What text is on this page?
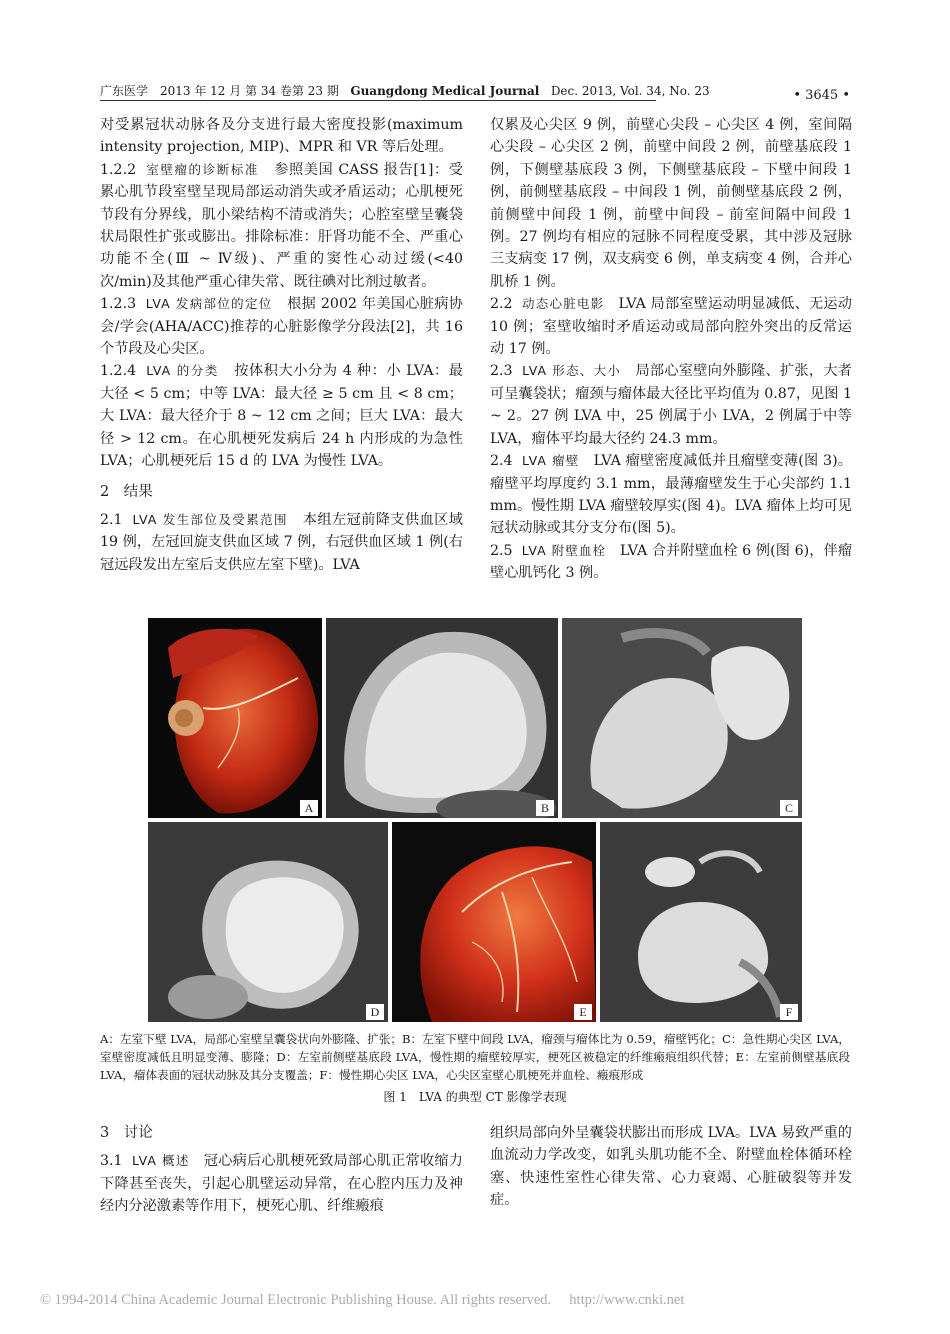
广东医学　2013 年 12 月 第 34 卷第 23 期 Guangdong Medical Journal Dec. 2013, Vol. 34, No. 23	• 3645 •

对受累冠状动脉各及分支进行最大密度投影(maximum intensity projection, MIP)、MPR 和 VR 等后处理。

1.2.2 室壁瘤的诊断标准 参照美国 CASS 报告[1]：受累心肌节段室壁呈现局部运动消失或矛盾运动；心肌梗死节段有分界线，肌小梁结构不清或消失；心腔室壁呈囊袋状局限性扩张或膨出。排除标准：肝肾功能不全、严重心功能不全(Ⅲ ~ Ⅳ级)、严重的窦性心动过缓(<40 次/min)及其他严重心律失常、既往碘对比剂过敏者。

1.2.3 LVA 发病部位的定位 根据 2002 年美国心脏病协会/学会(AHA/ACC)推荐的心脏影像学分段法[2]，共 16 个节段及心尖区。

1.2.4 LVA 的分类 按体积大小分为 4 种：小 LVA：最大径 < 5 cm；中等 LVA：最大径 ≥ 5 cm 且 < 8 cm；大 LVA：最大径介于 8 ~ 12 cm 之间；巨大 LVA：最大径 > 12 cm。在心肌梗死发病后 24 h 内形成的为急性 LVA；心肌梗死后 15 d 的 LVA 为慢性 LVA。

2　结果

2.1 LVA 发生部位及受累范围 本组左冠前降支供血区域 19 例，左冠回旋支供血区域 7 例，右冠供血区域 1 例(右冠远段发出左室后支供应左室下壁)。LVA

仅累及心尖区 9 例，前壁心尖段 – 心尖区 4 例，室间隔心尖段 – 心尖区 2 例，前壁中间段 2 例，前壁基底段 1 例，下侧壁基底段 3 例，下侧壁基底段 – 下壁中间段 1 例，前侧壁基底段 – 中间段 1 例，前侧壁基底段 2 例，前侧壁中间段 1 例，前壁中间段 – 前室间隔中间段 1 例。27 例均有相应的冠脉不同程度受累，其中涉及冠脉三支病变 17 例，双支病变 6 例，单支病变 4 例，合并心肌桥 1 例。

2.2 动态心脏电影 LVA 局部室壁运动明显减低、无运动 10 例；室壁收缩时矛盾运动或局部向腔外突出的反常运动 17 例。

2.3 LVA 形态、大小 局部心室壁向外膨隆、扩张，大者可呈囊袋状；瘤颈与瘤体最大径比平均值为 0.87，见图 1 ~ 2。27 例 LVA 中，25 例属于小 LVA，2 例属于中等 LVA，瘤体平均最大径约 24.3 mm。

2.4 LVA 瘤壁 LVA 瘤壁密度减低并且瘤壁变薄(图 3)。瘤壁平均厚度约 3.1 mm，最薄瘤壁发生于心尖部约 1.1 mm。慢性期 LVA 瘤壁较厚实(图 4)。LVA 瘤体上均可见冠状动脉或其分支分布(图 5)。

2.5 LVA 附壁血栓 LVA 合并附壁血栓 6 例(图 6)，伴瘤壁心肌钙化 3 例。

A	B	C
D	E	F
A：左室下壁 LVA，局部心室壁呈囊袋状向外膨隆、扩张；B：左室下壁中间段 LVA，瘤颈与瘤体比为 0.59，瘤壁钙化；C：急性期心尖区 LVA，室壁密度减低且明显变薄、膨隆；D：左室前侧壁基底段 LVA，慢性期的瘤壁较厚实，梗死区被稳定的纤维瘢痕组织代替；E：左室前侧壁基底段 LVA，瘤体表面的冠状动脉及其分支覆盖；F：慢性期心尖区 LVA，心尖区室壁心肌梗死并血栓、瘢痕形成
图 1　LVA 的典型 CT 影像学表现

3　讨论

3.1 LVA 概述 冠心病后心肌梗死致局部心肌正常收缩力下降甚至丧失，引起心肌壁运动异常，在心腔内压力及神经内分泌激素等作用下，梗死心肌、纤维瘢痕

组织局部向外呈囊袋状膨出而形成 LVA。LVA 易致严重的血流动力学改变，如乳头肌功能不全、附壁血栓体循环栓塞、快速性室性心律失常、心力衰竭、心脏破裂等并发症。

© 1994-2014 China Academic Journal Electronic Publishing House. All rights reserved.　 http://www.cnki.net
